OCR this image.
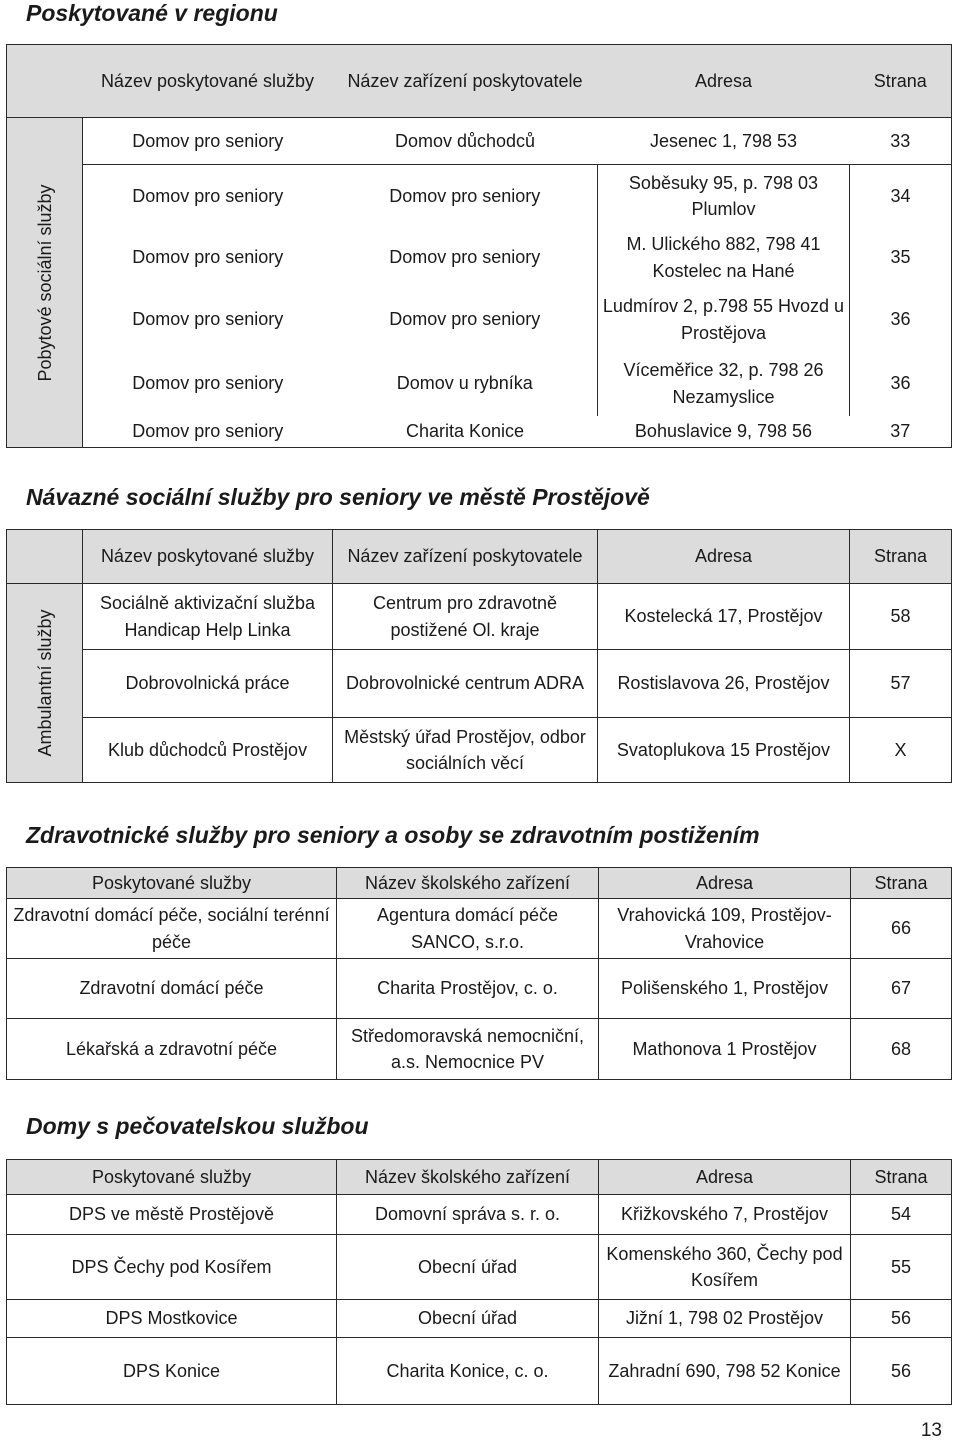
Poskytované v regionu
	Název poskytované služby	Název zařízení poskytovatele	Adresa	Strana

Pobytové sociální služby	Domov pro seniory	Domov důchodců	Jesenec 1, 798 53	33
	Domov pro seniory	Domov pro seniory	Soběsuky 95, p. 798 03 Plumlov	34
	Domov pro seniory	Domov pro seniory	M. Ulického 882, 798 41 Kostelec na Hané	35
	Domov pro seniory	Domov pro seniory	Ludmírov 2, p.798 55 Hvozd u Prostějova	36
	Domov pro seniory	Domov u rybníka	Víceměřice 32, p. 798 26 Nezamyslice	36
	Domov pro seniory	Charita Konice	Bohuslavice 9, 798 56	37
Návazné sociální služby pro seniory ve městě Prostějově
	Název poskytované služby	Název zařízení poskytovatele	Adresa	Strana

Ambulantní služby	Sociálně aktivizační služba Handicap Help Linka	Centrum pro zdravotně postižené Ol. kraje	Kostelecká 17, Prostějov	58
	Dobrovolnická práce	Dobrovolnické centrum ADRA	Rostislavova 26, Prostějov	57
	Klub důchodců Prostějov	Městský úřad Prostějov, odbor sociálních věcí	Svatoplukova 15 Prostějov	X
Zdravotnické služby pro seniory a osoby se zdravotním postižením
Poskytované služby	Název školského zařízení	Adresa	Strana
Zdravotní domácí péče, sociální terénní péče	Agentura domácí péče SANCO, s.r.o.	Vrahovická 109, Prostějov-Vrahovice	66
Zdravotní domácí péče	Charita Prostějov, c. o.	Polišenského 1, Prostějov	67
Lékařská a zdravotní péče	Středomoravská nemocniční, a.s. Nemocnice PV	Mathonova 1 Prostějov	68
Domy s pečovatelskou službou
Poskytované služby	Název školského zařízení	Adresa	Strana
DPS ve městě Prostějově	Domovní správa s. r. o.	Křižkovského 7, Prostějov	54
DPS Čechy pod Kosířem	Obecní úřad	Komenského 360, Čechy pod Kosířem	55
DPS Mostkovice	Obecní úřad	Jižní 1, 798 02 Prostějov	56
DPS Konice	Charita Konice, c. o.	Zahradní 690, 798 52 Konice	56
13
